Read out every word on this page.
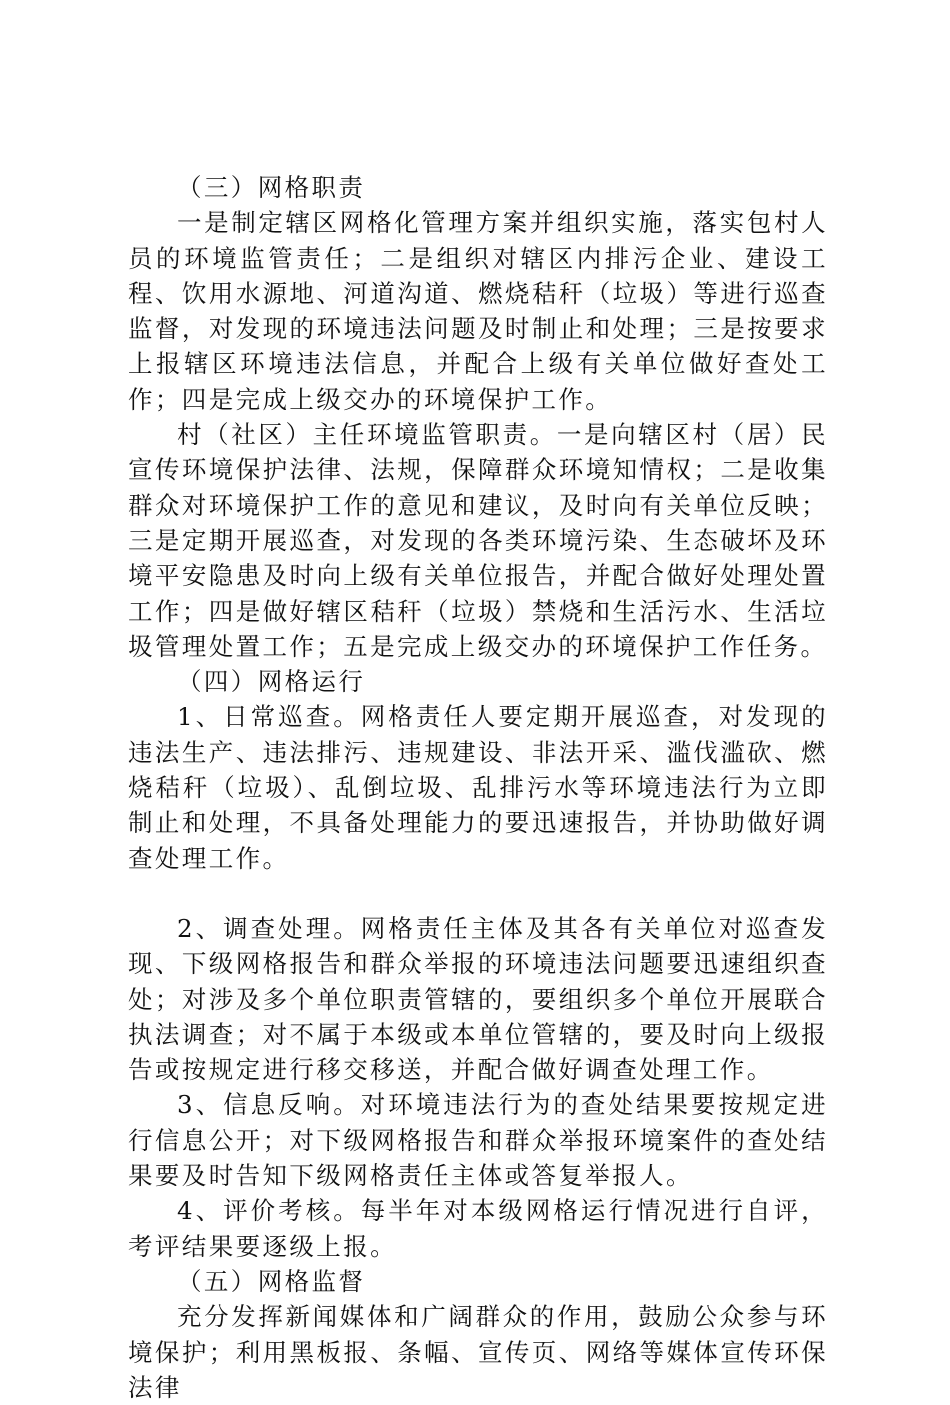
（三）网格职责

一是制定辖区网格化管理方案并组织实施，落实包村人员的环境监管责任；二是组织对辖区内排污企业、建设工程、饮用水源地、河道沟道、燃烧秸秆（垃圾）等进行巡查监督，对发现的环境违法问题及时制止和处理；三是按要求上报辖区环境违法信息，并配合上级有关单位做好查处工作；四是完成上级交办的环境保护工作。

村（社区）主任环境监管职责。一是向辖区村（居）民宣传环境保护法律、法规，保障群众环境知情权；二是收集群众对环境保护工作的意见和建议，及时向有关单位反映；三是定期开展巡查，对发现的各类环境污染、生态破坏及环境平安隐患及时向上级有关单位报告，并配合做好处理处置工作；四是做好辖区秸秆（垃圾）禁烧和生活污水、生活垃圾管理处置工作；五是完成上级交办的环境保护工作任务。

（四）网格运行

1、日常巡查。网格责任人要定期开展巡查，对发现的违法生产、违法排污、违规建设、非法开采、滥伐滥砍、燃烧秸秆（垃圾）、乱倒垃圾、乱排污水等环境违法行为立即制止和处理，不具备处理能力的要迅速报告，并协助做好调查处理工作。

2、调查处理。网格责任主体及其各有关单位对巡查发现、下级网格报告和群众举报的环境违法问题要迅速组织查处；对涉及多个单位职责管辖的，要组织多个单位开展联合执法调查；对不属于本级或本单位管辖的，要及时向上级报告或按规定进行移交移送，并配合做好调查处理工作。

3、信息反响。对环境违法行为的查处结果要按规定进行信息公开；对下级网格报告和群众举报环境案件的查处结果要及时告知下级网格责任主体或答复举报人。

4、评价考核。每半年对本级网格运行情况进行自评，考评结果要逐级上报。

（五）网格监督

充分发挥新闻媒体和广阔群众的作用，鼓励公众参与环境保护；利用黑板报、条幅、宣传页、网络等媒体宣传环保法律
